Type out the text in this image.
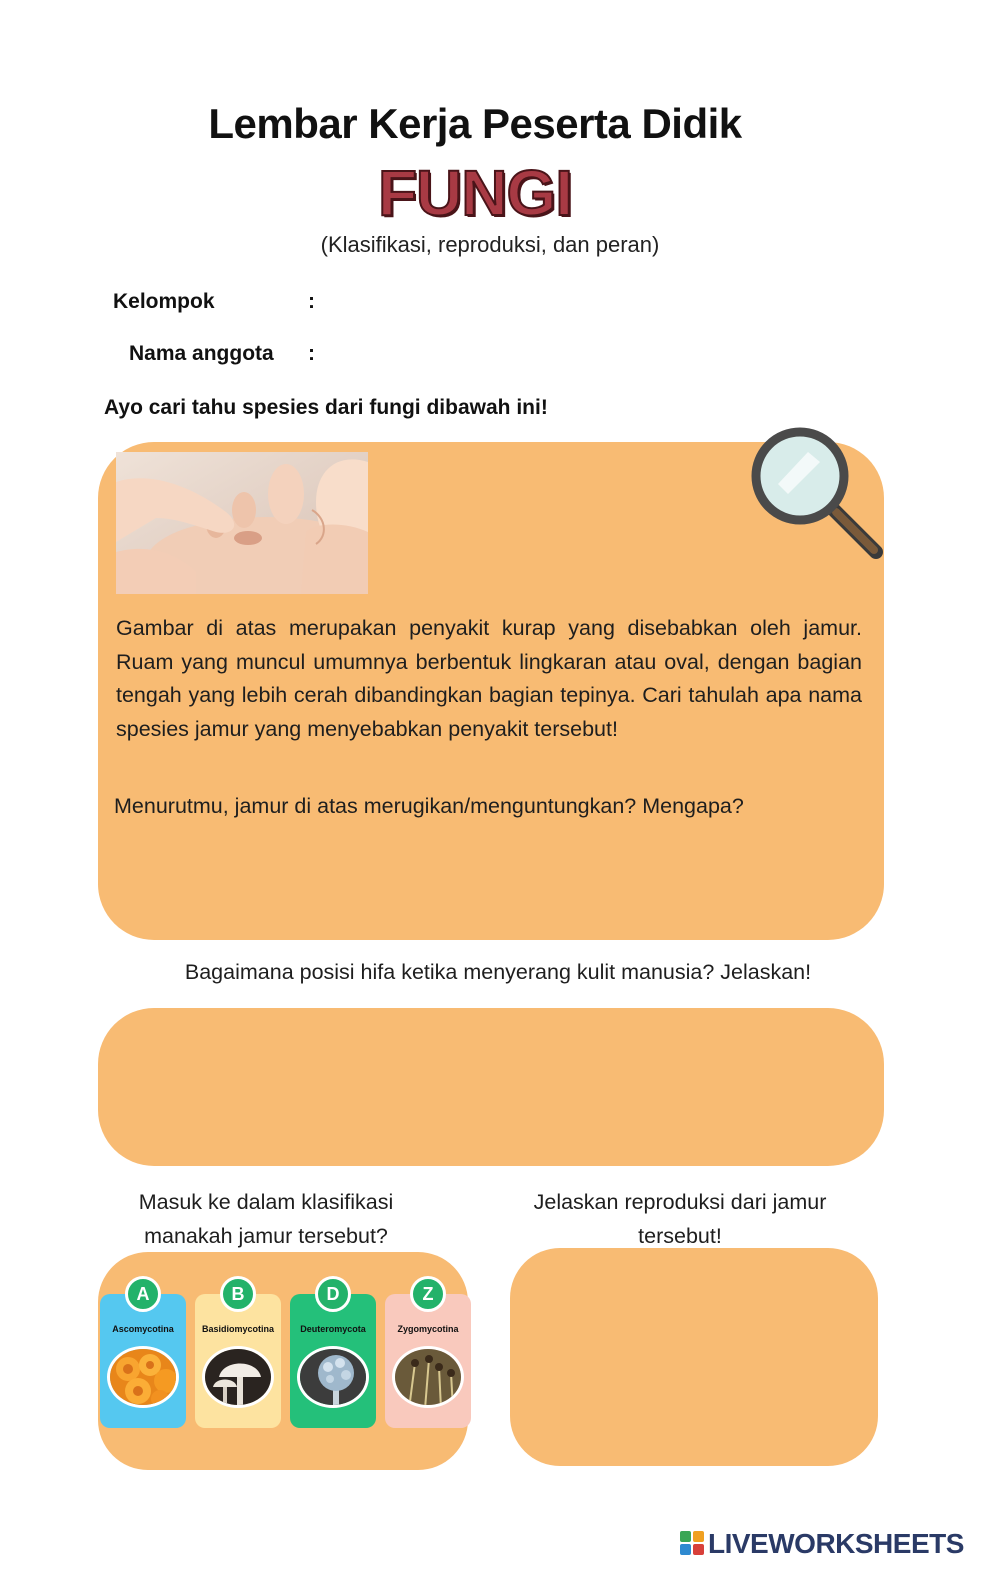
Lembar Kerja Peserta Didik
FUNGI
(Klasifikasi, reproduksi, dan peran)
Kelompok	:
Nama anggota :
Ayo cari tahu spesies dari fungi dibawah ini!
Gambar di atas merupakan penyakit kurap yang disebabkan oleh jamur. Ruam yang muncul umumnya berbentuk lingkaran atau oval, dengan bagian tengah yang lebih cerah dibandingkan bagian tepinya. Cari tahulah apa nama spesies jamur yang menyebabkan penyakit tersebut!
Menurutmu, jamur di atas merugikan/menguntungkan? Mengapa?
Bagaimana posisi hifa ketika menyerang kulit manusia? Jelaskan!
Masuk ke dalam klasifikasi manakah jamur tersebut?
Jelaskan reproduksi dari jamur tersebut!
A
Ascomycotina
B
Basidiomycotina
D
Deuteromycota
Z
Zygomycotina
LIVEWORKSHEETS
